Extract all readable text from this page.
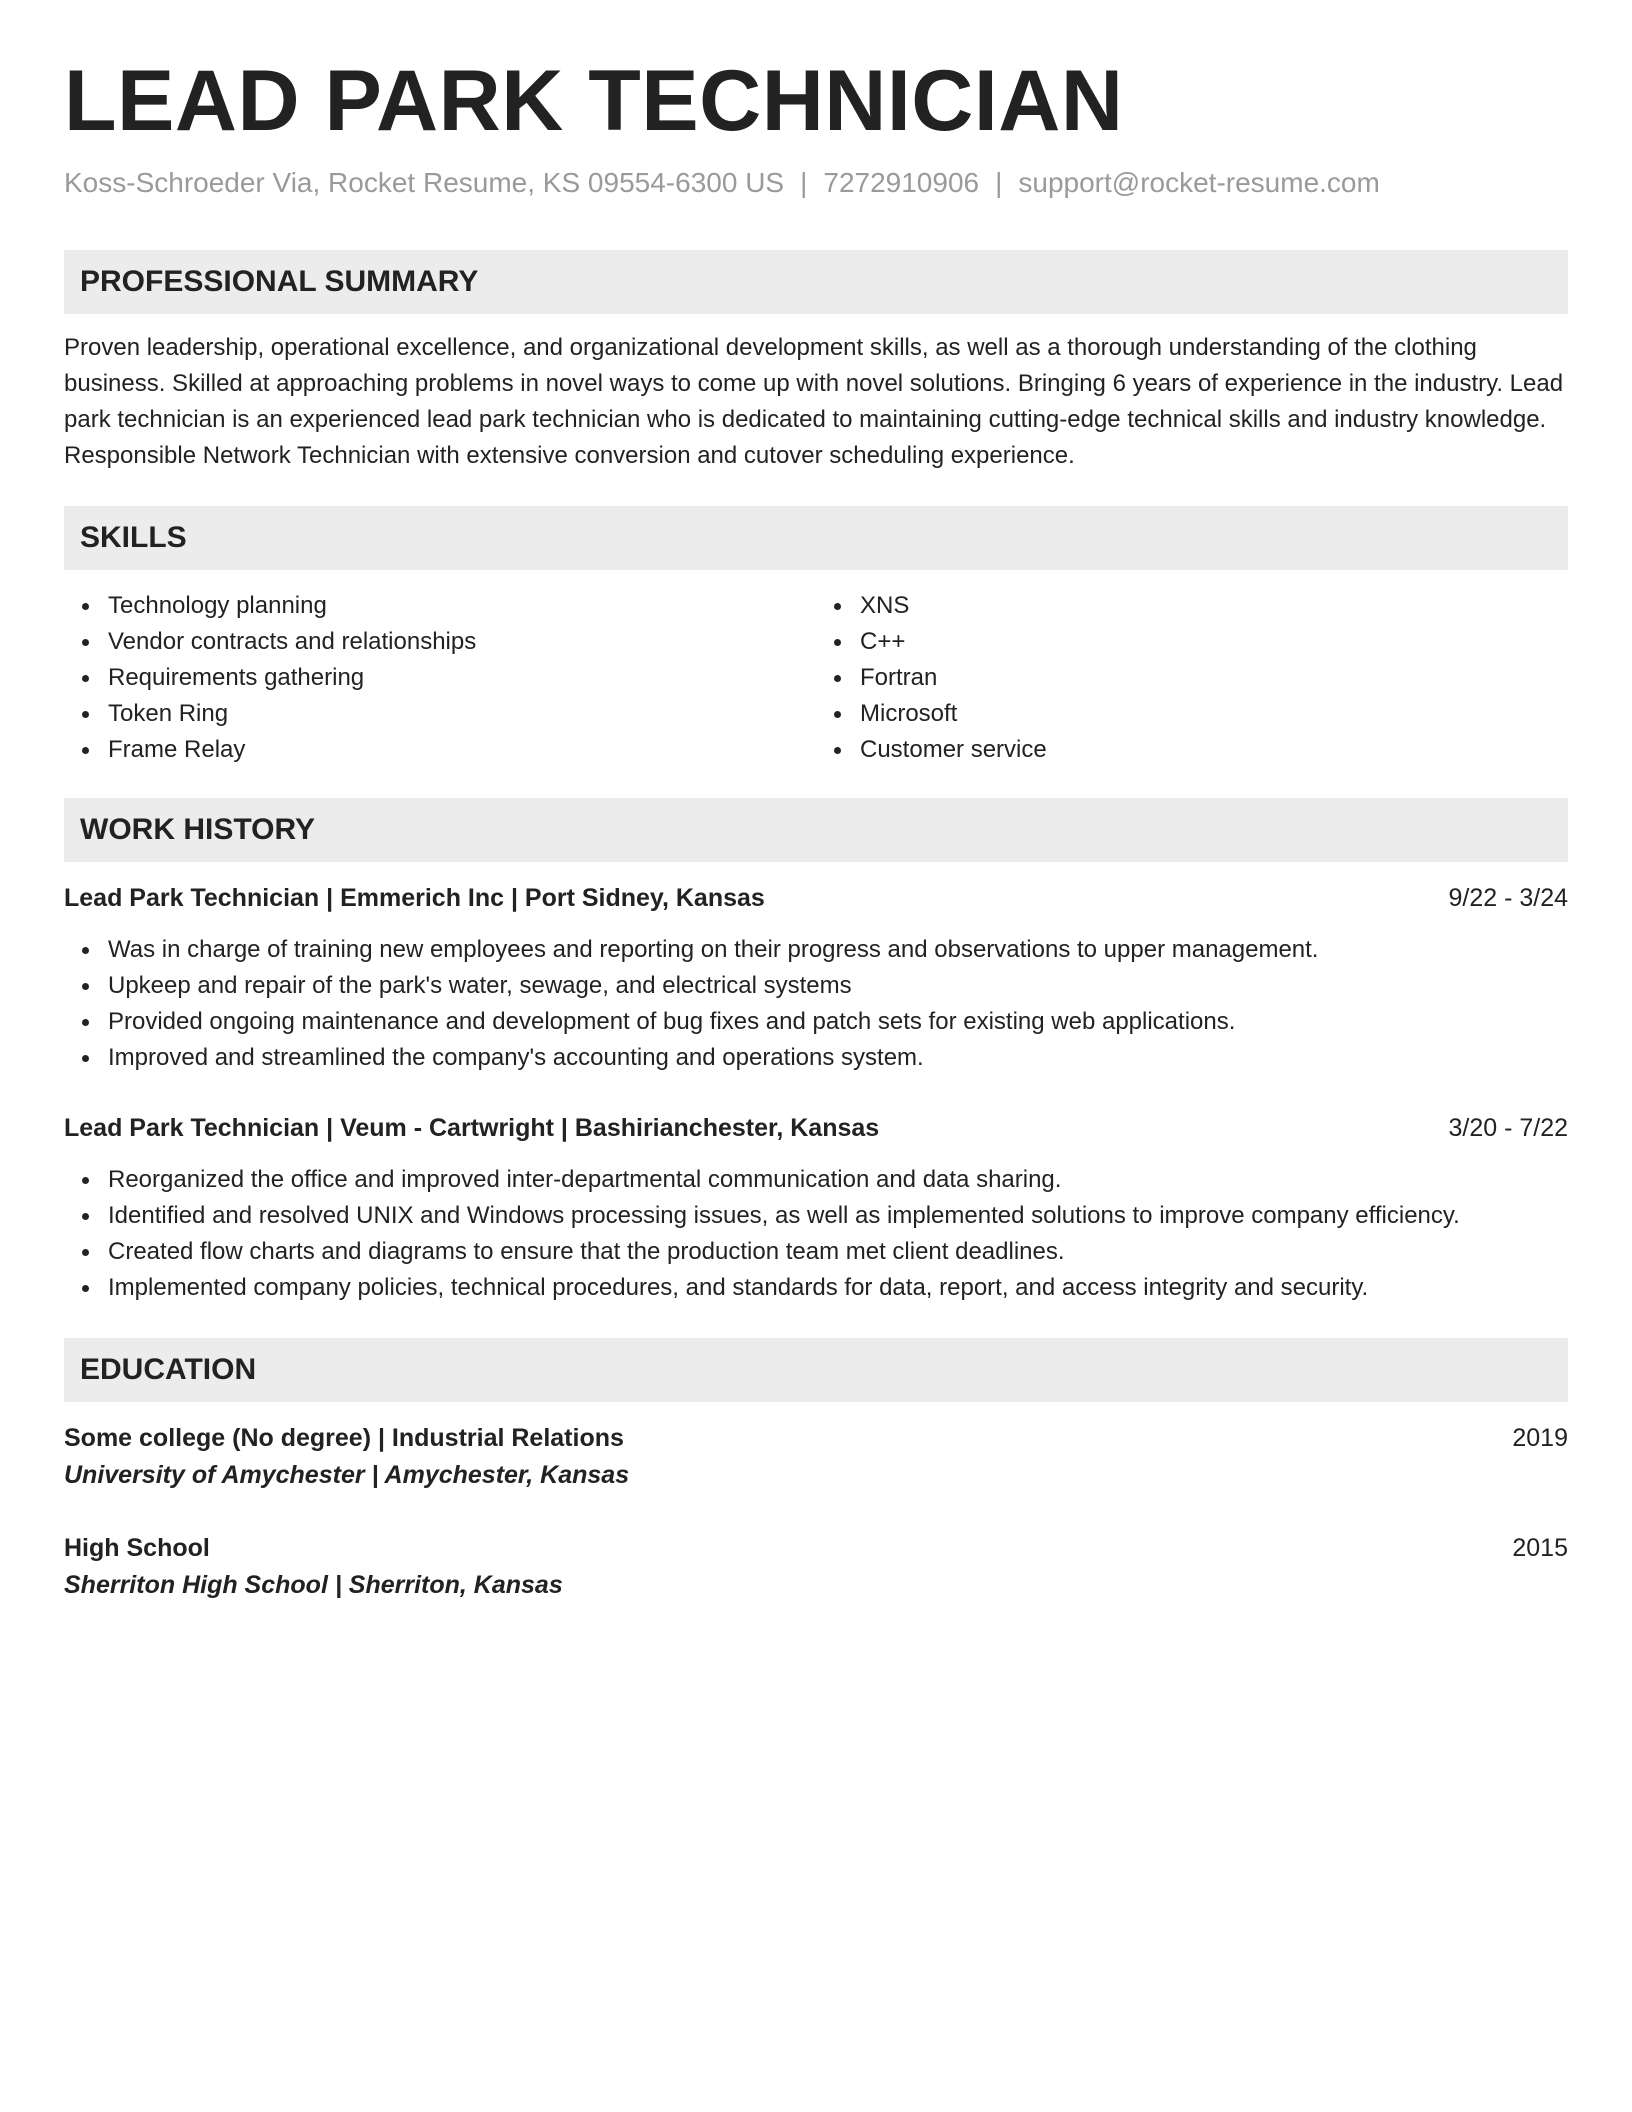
LEAD PARK TECHNICIAN
Koss-Schroeder Via, Rocket Resume, KS 09554-6300 US | 7272910906 | support@rocket-resume.com
PROFESSIONAL SUMMARY
Proven leadership, operational excellence, and organizational development skills, as well as a thorough understanding of the clothing business. Skilled at approaching problems in novel ways to come up with novel solutions. Bringing 6 years of experience in the industry. Lead park technician is an experienced lead park technician who is dedicated to maintaining cutting-edge technical skills and industry knowledge. Responsible Network Technician with extensive conversion and cutover scheduling experience.
SKILLS
Technology planning
Vendor contracts and relationships
Requirements gathering
Token Ring
Frame Relay
XNS
C++
Fortran
Microsoft
Customer service
WORK HISTORY
Lead Park Technician | Emmerich Inc | Port Sidney, Kansas	9/22 - 3/24
Was in charge of training new employees and reporting on their progress and observations to upper management.
Upkeep and repair of the park's water, sewage, and electrical systems
Provided ongoing maintenance and development of bug fixes and patch sets for existing web applications.
Improved and streamlined the company's accounting and operations system.
Lead Park Technician | Veum - Cartwright | Bashirianchester, Kansas	3/20 - 7/22
Reorganized the office and improved inter-departmental communication and data sharing.
Identified and resolved UNIX and Windows processing issues, as well as implemented solutions to improve company efficiency.
Created flow charts and diagrams to ensure that the production team met client deadlines.
Implemented company policies, technical procedures, and standards for data, report, and access integrity and security.
EDUCATION
Some college (No degree) | Industrial Relations	2019
University of Amychester | Amychester, Kansas
High School	2015
Sherriton High School | Sherriton, Kansas
